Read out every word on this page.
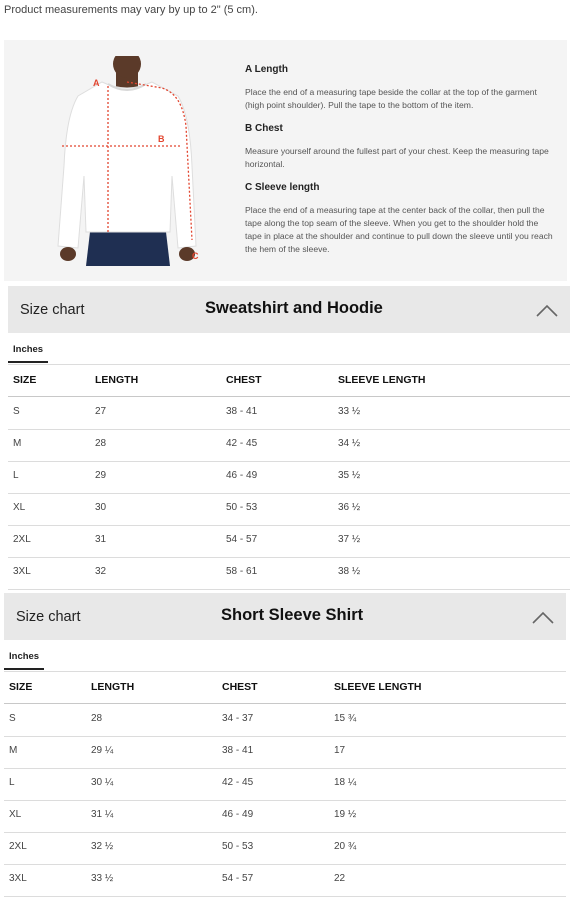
Product measurements may vary by up to 2" (5 cm).
A
B
C
A Length

Place the end of a measuring tape beside the collar at the top of the garment (high point shoulder). Pull the tape to the bottom of the item.

B Chest

Measure yourself around the fullest part of your chest. Keep the measuring tape horizontal.

C Sleeve length

Place the end of a measuring tape at the center back of the collar, then pull the tape along the top seam of the sleeve. When you get to the shoulder hold the tape in place at the shoulder and continue to pull down the sleeve until you reach the hem of the sleeve.

Size chart	Sweatshirt and Hoodie
Inches
SIZE	LENGTH	CHEST	SLEEVE LENGTH
S	27	38 - 41	33 ½
M	28	42 - 45	34 ½
L	29	46 - 49	35 ½
XL	30	50 - 53	36 ½
2XL	31	54 - 57	37 ½
3XL	32	58 - 61	38 ½
Size chart	Short Sleeve Shirt
Inches
SIZE	LENGTH	CHEST	SLEEVE LENGTH
S	28	34 - 37	15 ¾
M	29 ¼	38 - 41	17
L	30 ¼	42 - 45	18 ¼
XL	31 ¼	46 - 49	19 ½
2XL	32 ½	50 - 53	20 ¾
3XL	33 ½	54 - 57	22
